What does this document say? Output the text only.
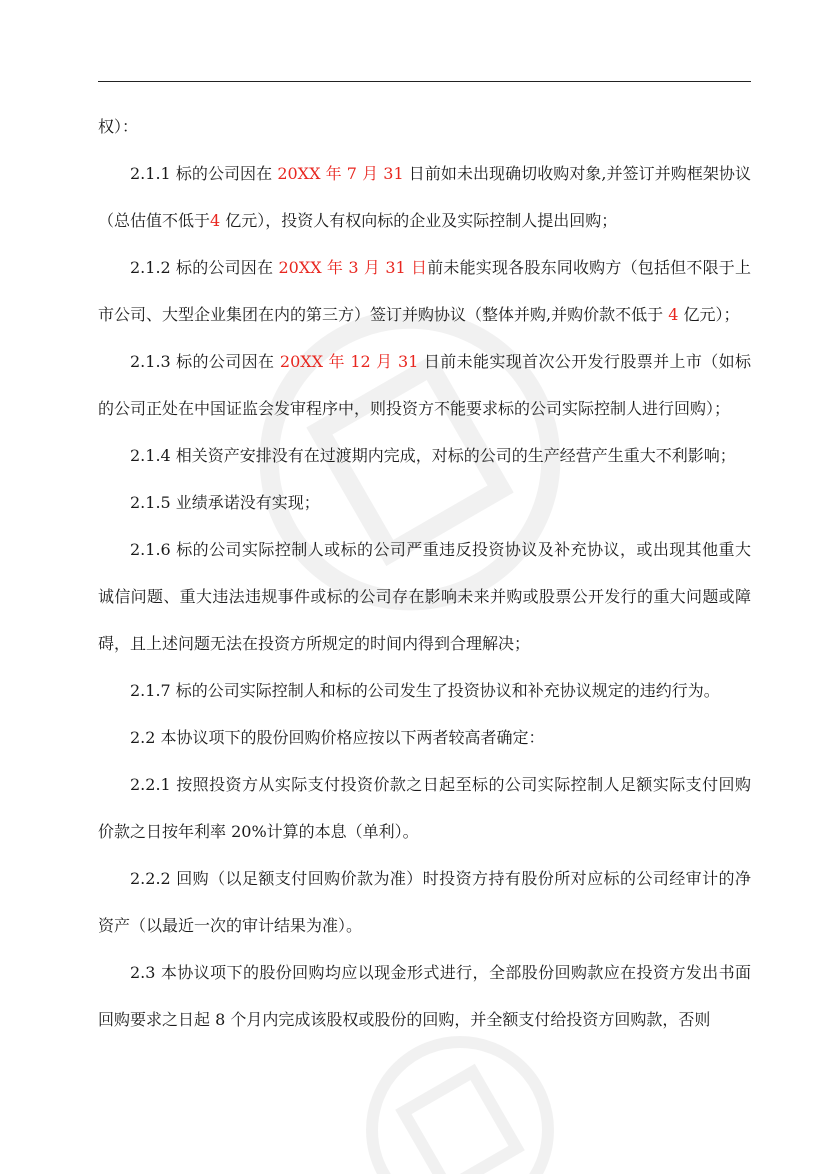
权）：

2.1.1 标的公司因在 20XX 年 7 月 31 日前如未出现确切收购对象,并签订并购框架协议（总估值不低于4 亿元），投资人有权向标的企业及实际控制人提出回购；

2.1.2 标的公司因在 20XX 年 3 月 31 日前未能实现各股东同收购方（包括但不限于上市公司、大型企业集团在内的第三方）签订并购协议（整体并购,并购价款不低于 4 亿元）；

2.1.3 标的公司因在 20XX 年 12 月 31 日前未能实现首次公开发行股票并上市（如标的公司正处在中国证监会发审程序中，则投资方不能要求标的公司实际控制人进行回购）；

2.1.4 相关资产安排没有在过渡期内完成，对标的公司的生产经营产生重大不利影响；

2.1.5 业绩承诺没有实现；

2.1.6 标的公司实际控制人或标的公司严重违反投资协议及补充协议，或出现其他重大诚信问题、重大违法违规事件或标的公司存在影响未来并购或股票公开发行的重大问题或障碍，且上述问题无法在投资方所规定的时间内得到合理解决；

2.1.7 标的公司实际控制人和标的公司发生了投资协议和补充协议规定的违约行为。

2.2 本协议项下的股份回购价格应按以下两者较高者确定：

2.2.1 按照投资方从实际支付投资价款之日起至标的公司实际控制人足额实际支付回购价款之日按年利率 20%计算的本息（单利）。

2.2.2 回购（以足额支付回购价款为准）时投资方持有股份所对应标的公司经审计的净资产（以最近一次的审计结果为准）。

2.3 本协议项下的股份回购均应以现金形式进行，全部股份回购款应在投资方发出书面回购要求之日起 8 个月内完成该股权或股份的回购，并全额支付给投资方回购款，否则
